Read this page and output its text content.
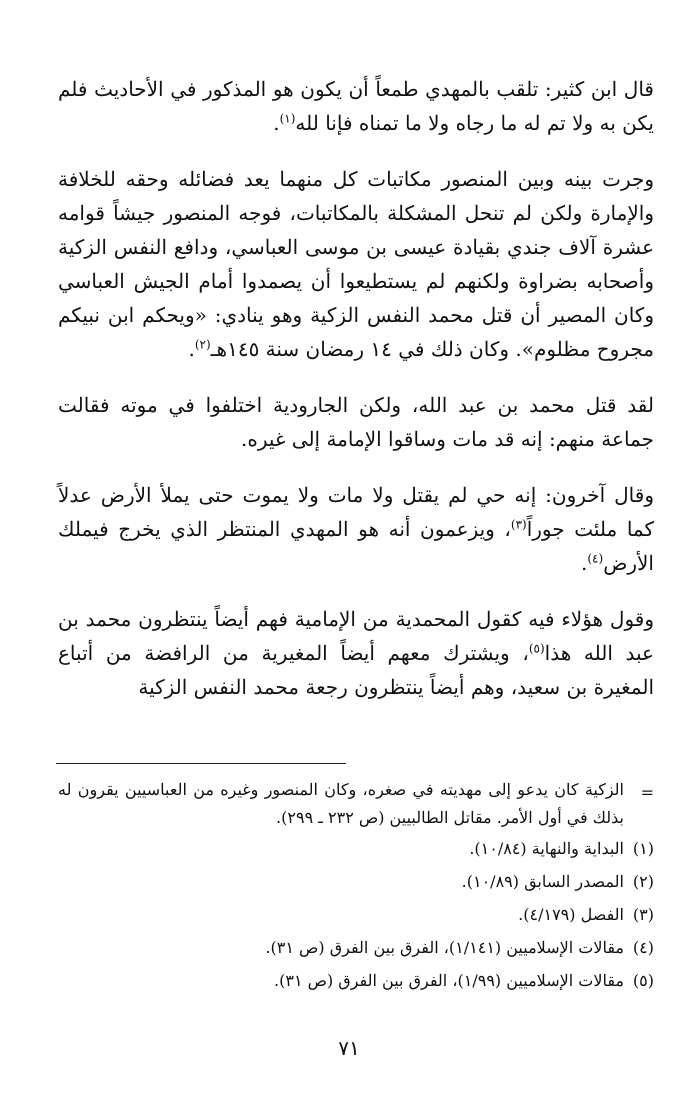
قال ابن كثير: تلقب بالمهدي طمعاً أن يكون هو المذكور في الأحاديث فلم يكن به ولا تم له ما رجاه ولا ما تمناه فإنا لله$^{(١)}$.

وجرت بينه وبين المنصور مكاتبات كل منهما يعد فضائله وحقه للخلافة والإمارة ولكن لم تنحل المشكلة بالمكاتبات، فوجه المنصور جيشاً قوامه عشرة آلاف جندي بقيادة عيسى بن موسى العباسي، ودافع النفس الزكية وأصحابه بضراوة ولكنهم لم يستطيعوا أن يصمدوا أمام الجيش العباسي وكان المصير أن قتل محمد النفس الزكية وهو ينادي: «ويحكم ابن نبيكم مجروح مظلوم». وكان ذلك في ١٤ رمضان سنة ١٤٥هـ$^{(٢)}$.

لقد قتل محمد بن عبد الله، ولكن الجارودية اختلفوا في موته فقالت جماعة منهم: إنه قد مات وساقوا الإمامة إلى غيره.

وقال آخرون: إنه حي لم يقتل ولا مات ولا يموت حتى يملأ الأرض عدلاً كما ملئت جوراً$^{(٣)}$، ويزعمون أنه هو المهدي المنتظر الذي يخرج فيملك الأرض$^{(٤)}$.

وقول هؤلاء فيه كقول المحمدية من الإمامية فهم أيضاً ينتظرون محمد بن عبد الله هذا$^{(٥)}$، ويشترك معهم أيضاً المغيرية من الرافضة من أتباع المغيرة بن سعيد، وهم أيضاً ينتظرون رجعة محمد النفس الزكية

=
الزكية كان يدعو إلى مهديته في صغره، وكان المنصور وغيره من العباسيين يقرون له بذلك في أول الأمر. مقاتل الطالبيين (ص ٢٣٢ ـ ٢٩٩).
(١)
البداية والنهاية (١٠/٨٤).
(٢)
المصدر السابق (١٠/٨٩).
(٣)
الفصل (٤/١٧٩).
(٤)
مقالات الإسلاميين (١/١٤١)، الفرق بين الفرق (ص ٣١).
(٥)
مقالات الإسلاميين (١/٩٩)، الفرق بين الفرق (ص ٣١).
٧١
